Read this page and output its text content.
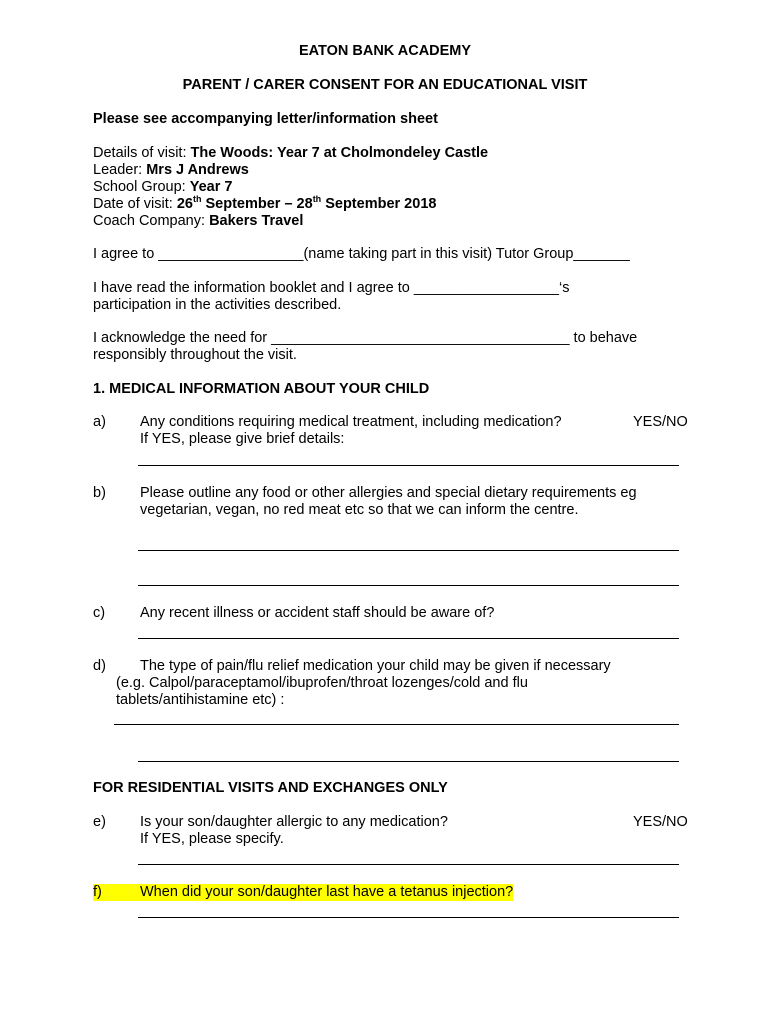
EATON BANK ACADEMY
PARENT / CARER CONSENT FOR AN EDUCATIONAL VISIT
Please see accompanying letter/information sheet
Details of visit: The Woods: Year 7 at Cholmondeley Castle
Leader: Mrs J Andrews
School Group: Year 7
Date of visit: 26th September – 28th September 2018
Coach Company: Bakers Travel
I agree to __________________(name taking part in this visit) Tutor Group_______
I have read the information booklet and I agree to __________________‘s
participation in the activities described.
I acknowledge the need for _____________________________________ to behave
responsibly throughout the visit.
1. MEDICAL INFORMATION ABOUT YOUR CHILD
a) Any conditions requiring medical treatment, including medication?	YES/NO
If YES, please give brief details:
b) Please outline any food or other allergies and special dietary requirements eg
vegetarian, vegan, no red meat etc so that we can inform the centre.
c) Any recent illness or accident staff should be aware of?
d) The type of pain/flu relief medication your child may be given if necessary
(e.g. Calpol/paraceptamol/ibuprofen/throat lozenges/cold and flu
tablets/antihistamine etc) :
FOR RESIDENTIAL VISITS AND EXCHANGES ONLY
e) Is your son/daughter allergic to any medication?	YES/NO
If YES, please specify.
f)	When did your son/daughter last have a tetanus injection?
